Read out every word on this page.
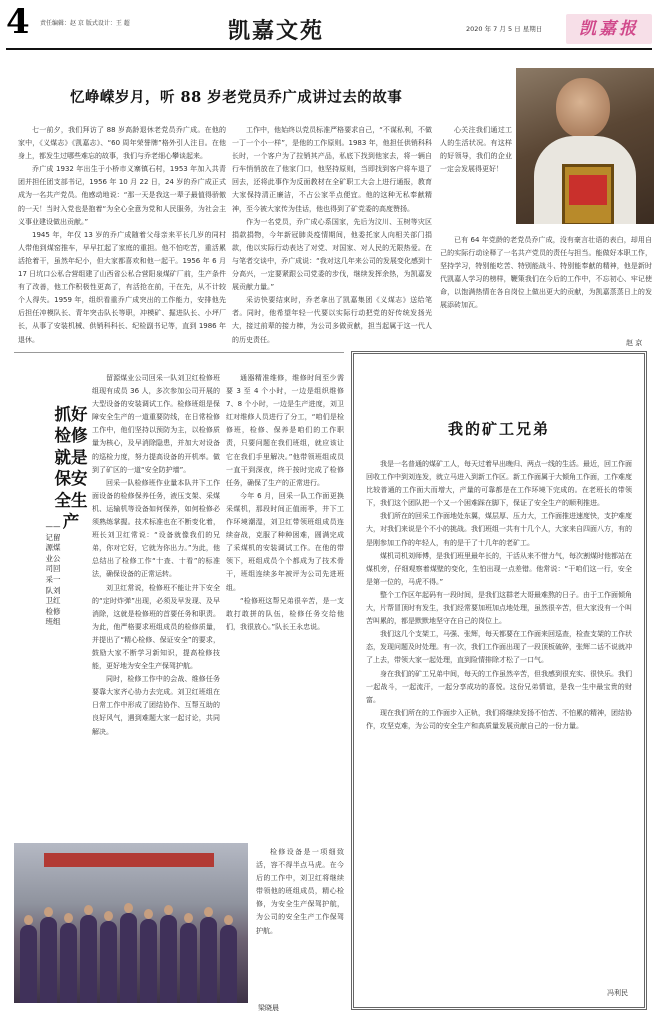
4	责任编辑：赵 京 版式设计：王 超	凯嘉文苑	2020 年 7 月 5 日 星期日	凯嘉报
忆峥嵘岁月，听 88 岁老党员乔广成讲过去的故事

七一前夕，我们拜访了 88 岁高龄退休老党员乔广成。在他的家中，《义煤志》《凯嘉志》、“60 周年荣誉牌”格外引人注目。在他身上，都发生过哪些难忘的故事，我们与乔老细心攀谈起来。

乔广成 1932 年出生于小桥市义寨镇石村，1953 年加入共青团并担任团支部书记，1956 年 10 月 22 日，24 岁的乔广成正式成为一名共产党员。他感动地说：“那一天是我这一辈子最值得骄傲的一天！当时入党也是抱着“为全心全意为党和人民服务，为社会主义事业建设做出贡献。”

1945 年，年仅 13 岁的乔广成随着父母亲来平长几岁的同村人带他到煤窑推车，早早扛起了家庭的重担。他不怕吃苦，重活累活抢着干，虽然年纪小，但大家都喜欢和他一起干。1956 年 6 月 17 日坑口公私合营组建了山西省公私合营阳泉煤矿厂前，生产条件有了改善，他工作积极性更高了，有活抢在前，干在先，从不计较个人得失。1959 年，组织看重乔广成突出的工作能力，安排他先后担任冲模队长、青年突击队长等职，冲模矿、掘进队长、小坪厂长，从事了安装机械、供销科科长、纪检副书记等，直到 1986 年退休。

工作中，他始终以党员标准严格要求自己，“不谋私利，不做一丁一个小一样”，是他的工作原则。1983 年，他担任供销科科长时，一个客户为了拉销其产品，私底下找到他家去，将一辆自行车悄悄放在了他家门口，他坚持原则，当即找到客户将车退了回去，还将此事作为反面教材在全矿职工大会上进行通报，教育大家保持清正廉洁，不占公家半点便宜。他的这种无私奉献精神，至今被大家传为佳话，他也得到了矿党委的高度赞扬。

作为一名党员，乔广成心系国家，先后为汶川、玉树等灾区捐款捐物，今年新冠肺炎疫情期间，他委托家人向相关部门捐款，他以实际行动表达了对党、对国家、对人民的无限热爱。在与笔者交谈中，乔广成说：“我对这几年来公司的发展变化感到十分高兴，一定要紧跟公司党委的步伐，继续发挥余热，为凯嘉发展贡献力量。”

采访快要结束时，乔老拿出了凯嘉集团《义煤志》送给笔者。同时，他希望年轻一代要以实际行动把党的好传统发扬光大，接过前辈的接力棒，为公司多做贡献，担当起属于这一代人的历史责任。

心关注我们通过工人的生活状况。有这样的好领导，我们的企业一定会发展得更好！

已有 64 年党龄的老党员乔广成，没有豪言壮语的表白，却用自己的实际行动诠释了一名共产党员的责任与担当。能做好本职工作，坚持学习，特别能吃苦、特别能战斗、特别能奉献的精神，他是新时代凯嘉人学习的榜样，鞭策我们在今后的工作中，不忘初心、牢记使命，以饱满热情在各自岗位上做出更大的贡献，为凯嘉蒸蒸日上的发展添砖加瓦。

赵 京
抓好检修就是保安全生产
——记留源煤业公司回采一队刘卫红检修班组

留源煤业公司回采一队刘卫红检修班组现有成员 36 人，多次参加公司开展的大型设备的安装调试工作。检修班组是保障安全生产的一道重要防线，在日常检修工作中，他们坚持以预防为主，以检修质量为核心，及早消除隐患，并加大对设备的巡检力度，努力提高设备的开机率。做到了矿区的一道“安全防护墙”。

回采一队检修班作业量本队井下工作面设备的检修保养任务，液压支架、采煤机、运输机等设备如何保养，如何检修必须熟练掌握。技术标准也在不断变化着，班长刘卫红常说：“设备就像我们的兄弟，你对它好，它就为你出力。”为此，他总结出了检修工作“十查、十看”的标准法，确保设备的正常运转。

刘卫红常说，检修班不能让井下安全的“定时炸弹”出现，必须及早发现、及早消除，这就是检修班的首要任务和职责。为此，他严格要求班组成员的检修质量，并提出了“精心检修、保证安全”的要求，鼓励大家不断学习新知识，提高检修技能，更好地为安全生产保驾护航。

同时，检修工作中的会战、维修任务要靠大家齐心协力去完成。刘卫红班组在日常工作中形成了团结协作、互帮互助的良好风气，遇到难题大家一起讨论，共同解决。

通器精准维修，维修时间至少需要 3 至 4 个小时，一边是组织维修 7、8 个小时，一边是生产进度，刘卫红对维修人员进行了分工，“咱们是检修班，检修、保养是咱们的工作职责，只要问题在我们班组，就应该让它在我们手里解决。”他带领班组成员一直干到深夜，终于按时完成了检修任务，确保了生产的正常进行。

今年 6 月，回采一队工作面更换采煤机，那段时间正值雨季，井下工作环境潮湿，刘卫红带领班组成员连续奋战，克服了种种困难，圆满完成了采煤机的安装调试工作。在他的带领下，班组成员个个都成为了技术骨干，班组连续多年被评为公司先进班组。

“检修班这帮兄弟很辛苦，是一支敢打敢拼的队伍，检修任务交给他们，我很放心。”队长王永忠说。

检修设备是一项细致活，容不得半点马虎。在今后的工作中，刘卫红将继续带领他的班组成员，精心检修，为安全生产保驾护航，为公司的安全生产工作保驾护航。

梁晓晨
我的矿工兄弟

我是一名普通的煤矿工人，每天过着早出晚归、两点一线的生活。最近，回工作面回收工作中到刘连发，就立马进入到新工作区。新工作面属于大倾角工作面，工作难度比较普通的工作面大而增大，产量的可靠都是在工作环境下完成的。在老班长的带领下，我们这个团队把一个又一个困难踩在脚下，保证了安全生产的顺利推进。

我们所在的回采工作面地处东翼，煤层厚、压力大，工作面推进速度快，支护难度大，对我们来说是个不小的挑战。我们班组一共有十几个人，大家来自四面八方，有的是刚参加工作的年轻人，有的是干了十几年的老矿工。

煤机司机刘师傅，是我们班里最年长的，干活从来不惜力气，每次割煤时他都站在煤机旁，仔细观察着煤壁的变化，生怕出现一点差错。他常说：“干咱们这一行，安全是第一位的，马虎不得。”

整个工作区年起码有一段时间，是我们这群老大哥最难熬的日子。由于工作面倾角大，片帮冒顶时有发生，我们经常要加班加点地处理，虽然很辛苦，但大家没有一个叫苦叫累的，都是默默地坚守在自己的岗位上。

我们这几个支架工，马强、张辉，每天都要在工作面来回巡查，检查支架的工作状态，发现问题及时处理。有一次，我们工作面出现了一段顶板破碎，张辉二话不说就冲了上去，带领大家一起处理，直到险情排除才松了一口气。

身在我们的矿工兄弟中间，每天的工作虽然辛苦，但我感到很充实、很快乐。我们一起战斗，一起流汗，一起分享成功的喜悦。这份兄弟情谊，是我一生中最宝贵的财富。

现在我们所在的工作面步入正轨，我们将继续发扬不怕苦、不怕累的精神，团结协作，攻坚克难，为公司的安全生产和高质量发展贡献自己的一份力量。

冯利民
